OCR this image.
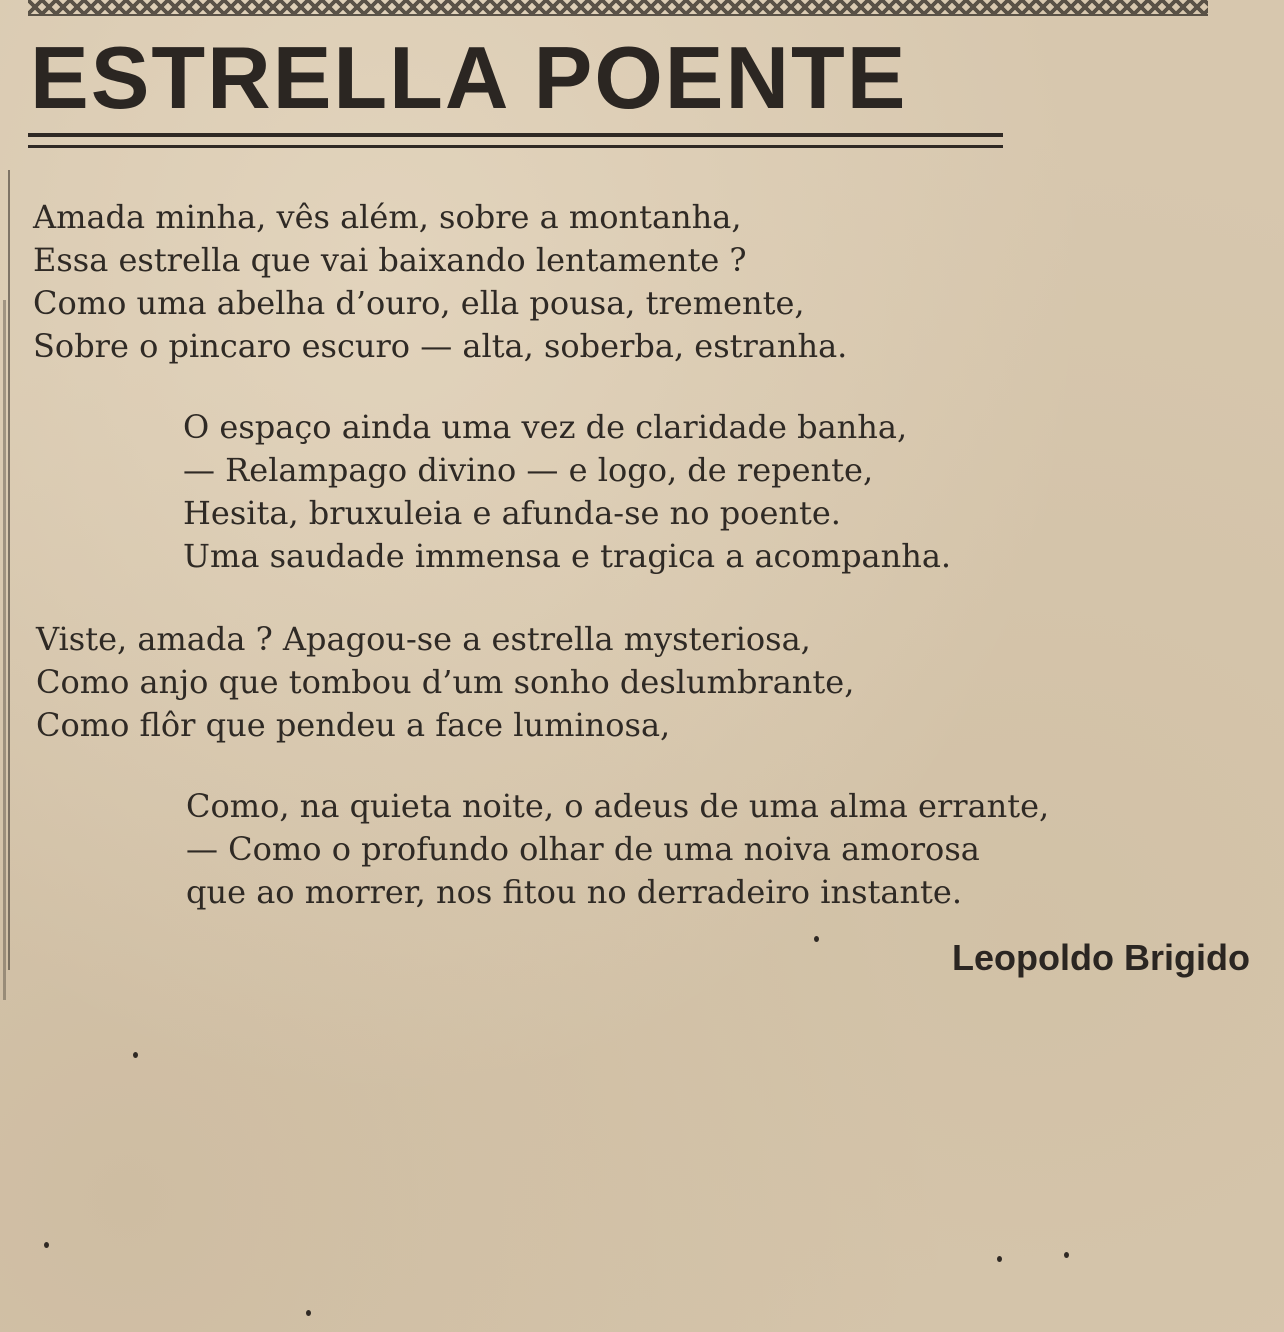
ESTRELLA POENTE
Amada minha, vês além, sobre a montanha,
Essa estrella que vai baixando lentamente ?
Como uma abelha d’ouro, ella pousa, tremente,
Sobre o pincaro escuro — alta, soberba, estranha.
O espaço ainda uma vez de claridade banha,
— Relampago divino — e logo, de repente,
Hesita, bruxuleia e afunda-se no poente.
Uma saudade immensa e tragica a acompanha.
Viste, amada ? Apagou-se a estrella mysteriosa,
Como anjo que tombou d’um sonho deslumbrante,
Como flôr que pendeu a face luminosa,
Como, na quieta noite, o adeus de uma alma errante,
— Como o profundo olhar de uma noiva amorosa
que ao morrer, nos fitou no derradeiro instante.

Leopoldo Brigido
